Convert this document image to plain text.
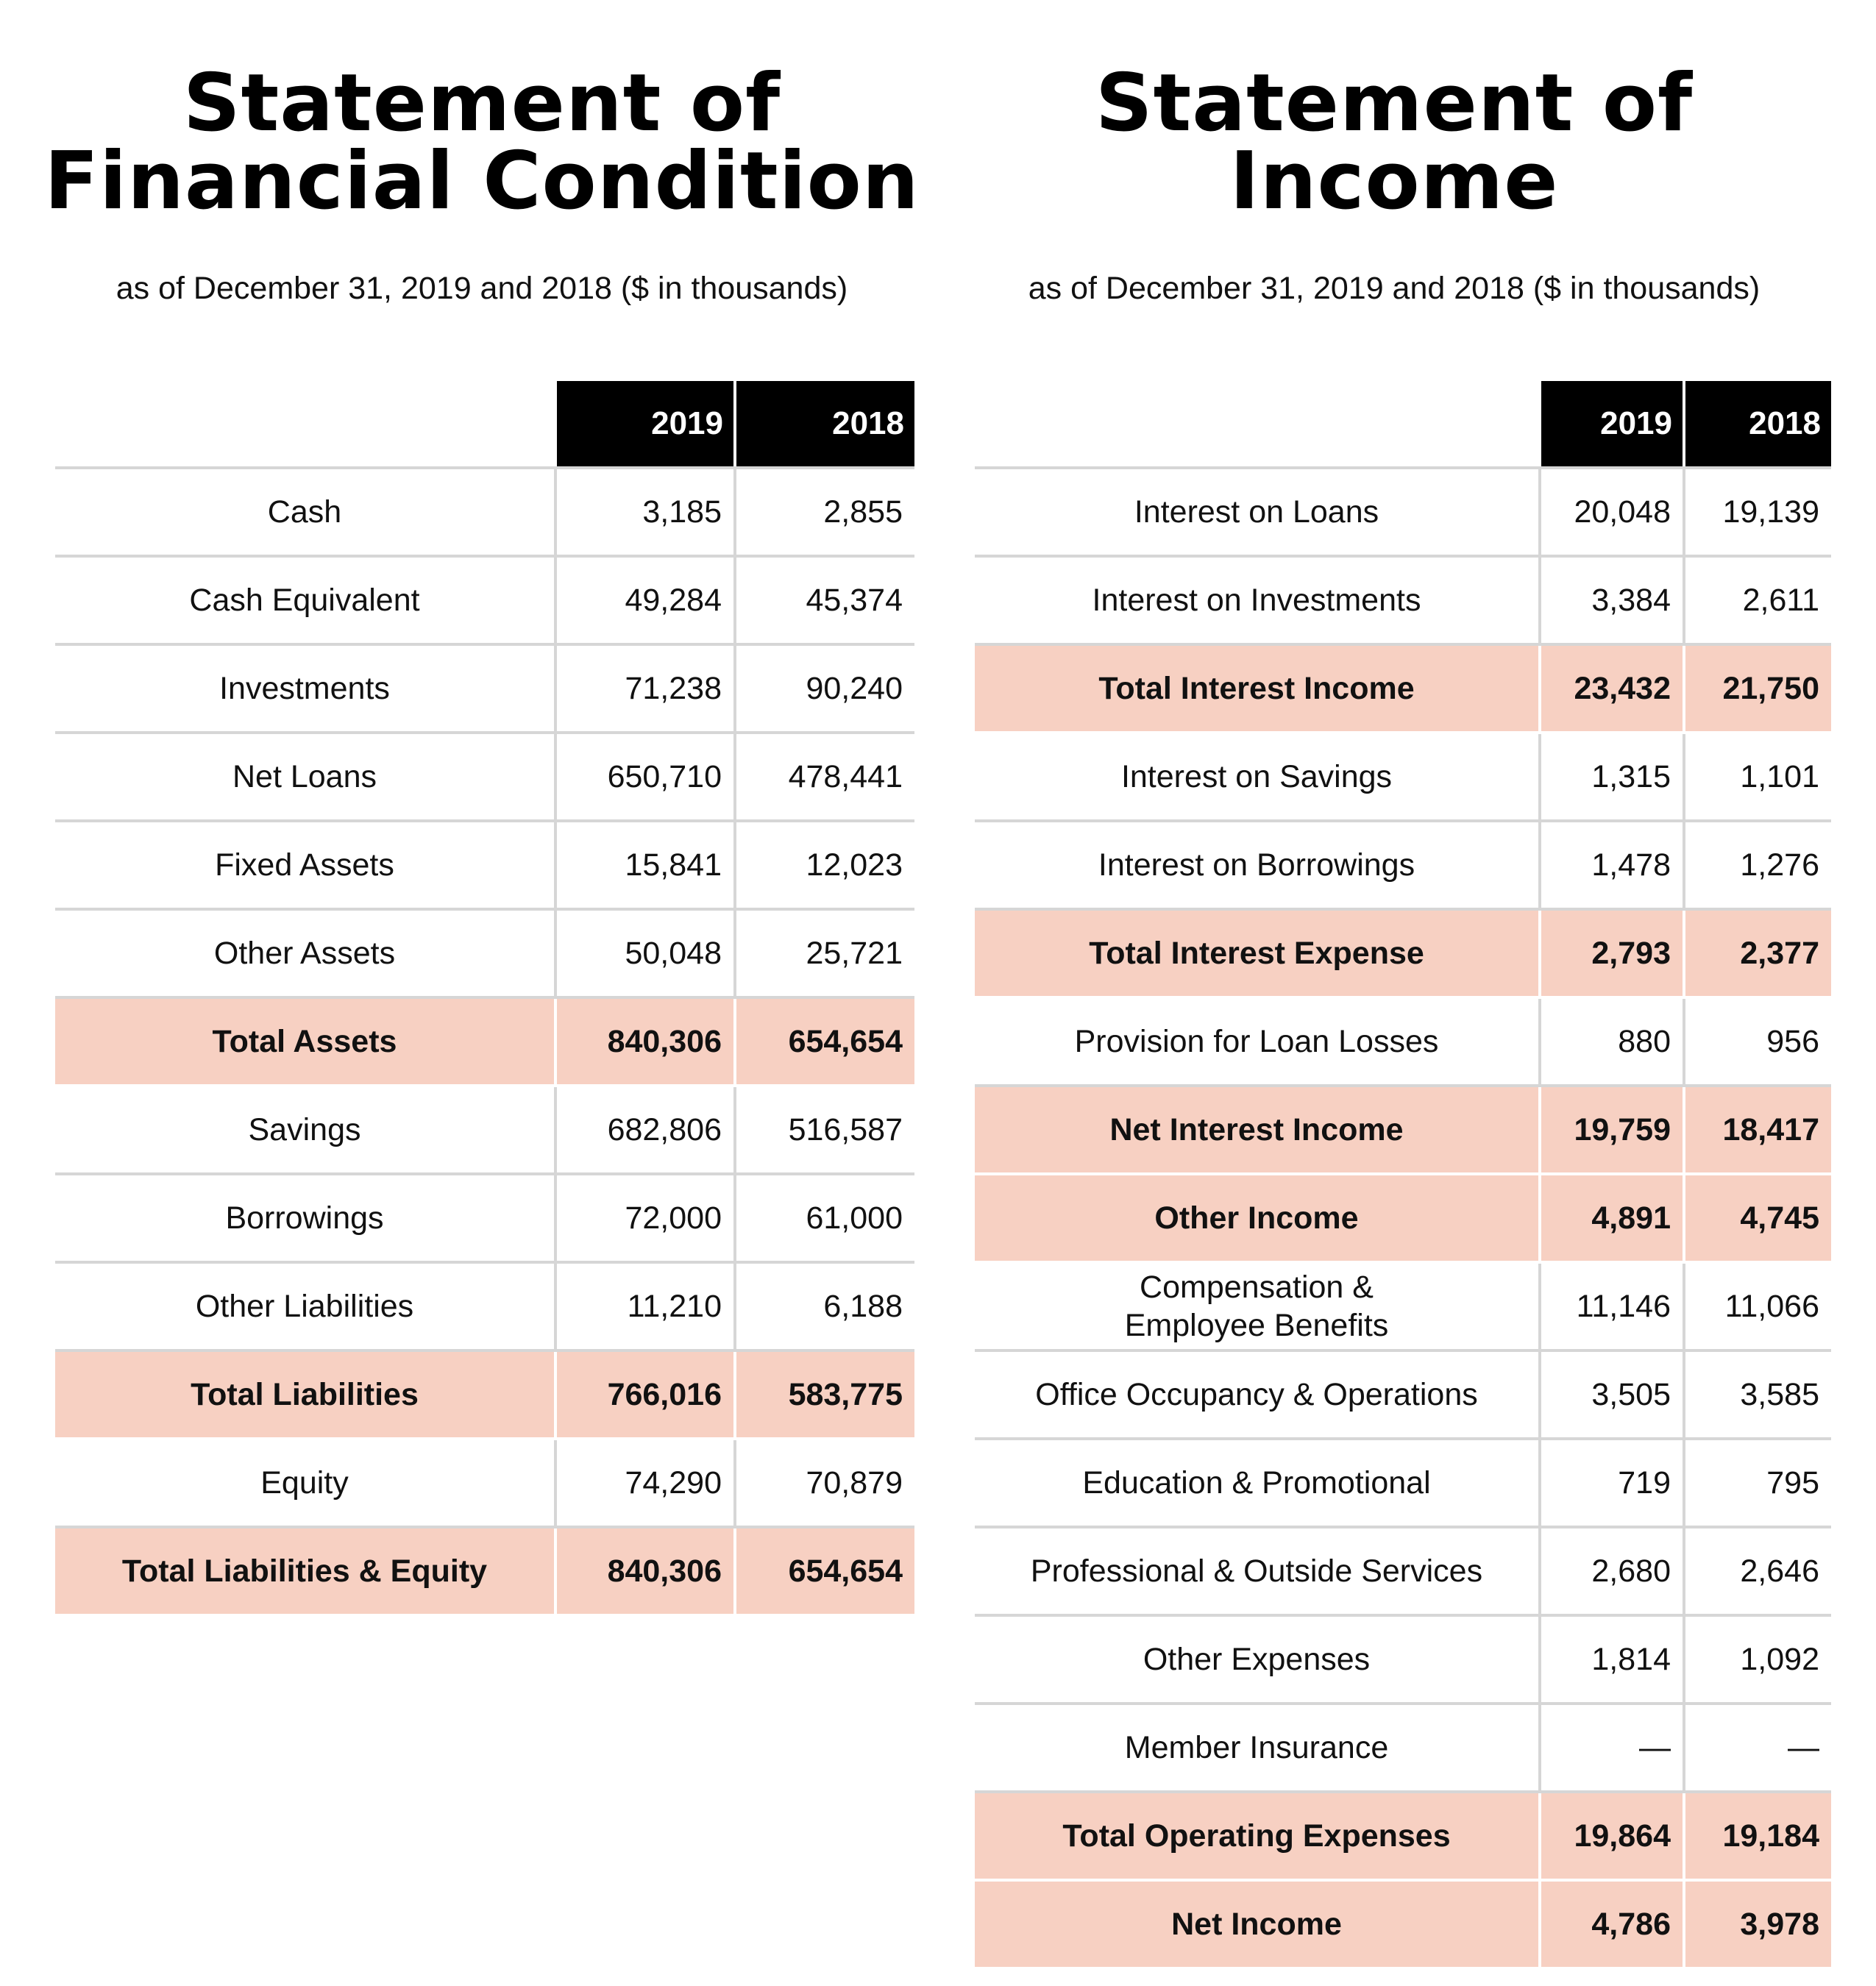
Statement of
Financial Condition
as of December 31, 2019 and 2018 ($ in thousands)
	2019	2018
Cash	3,185	2,855
Cash Equivalent	49,284	45,374
Investments	71,238	90,240
Net Loans	650,710	478,441
Fixed Assets	15,841	12,023
Other Assets	50,048	25,721
Total Assets	840,306	654,654
Savings	682,806	516,587
Borrowings	72,000	61,000
Other Liabilities	11,210	6,188
Total Liabilities	766,016	583,775
Equity	74,290	70,879
Total Liabilities & Equity	840,306	654,654
Statement of
Income
as of December 31, 2019 and 2018 ($ in thousands)
	2019	2018
Interest on Loans	20,048	19,139
Interest on Investments	3,384	2,611
Total Interest Income	23,432	21,750
Interest on Savings	1,315	1,101
Interest on Borrowings	1,478	1,276
Total Interest Expense	2,793	2,377
Provision for Loan Losses	880	956
Net Interest Income	19,759	18,417
Other Income	4,891	4,745

Compensation &
Employee Benefits	11,146	11,066
Office Occupancy & Operations	3,505	3,585
Education & Promotional	719	795
Professional & Outside Services	2,680	2,646
Other Expenses	1,814	1,092
Member Insurance	—	—
Total Operating Expenses	19,864	19,184
Net Income	4,786	3,978
